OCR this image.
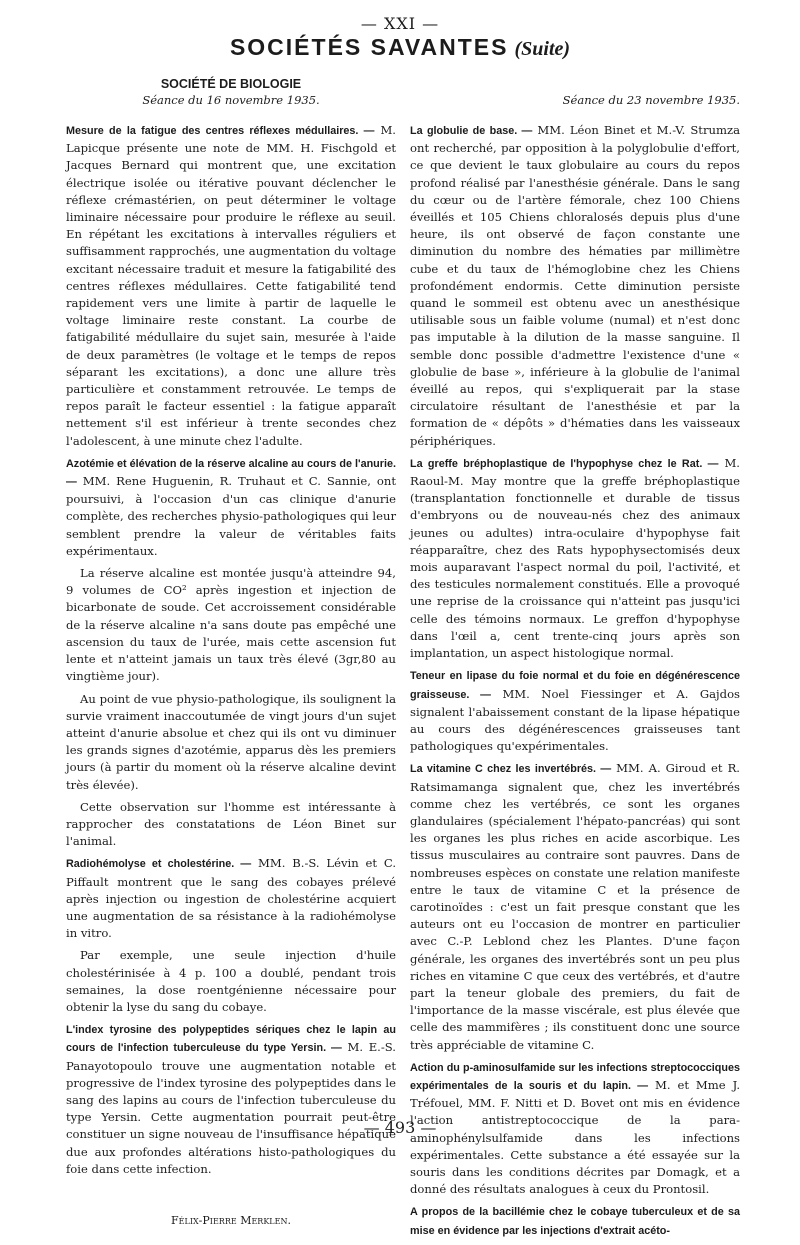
— XXI —
SOCIÉTÉS SAVANTES (Suite)
SOCIÉTÉ DE BIOLOGIE
Séance du 16 novembre 1935.

Mesure de la fatigue des centres réflexes médullaires. — M. Lapicque présente une note de MM. H. Fischgold et Jacques Bernard qui montrent que, une excitation électrique isolée ou itérative pouvant déclencher le réflexe crémastérien, on peut déterminer le voltage liminaire nécessaire pour produire le réflexe au seuil. En répétant les excitations à intervalles réguliers et suffisamment rapprochés, une augmentation du voltage excitant nécessaire traduit et mesure la fatigabilité des centres réflexes médullaires. Cette fatigabilité tend rapidement vers une limite à partir de laquelle le voltage liminaire reste constant. La courbe de fatigabilité médullaire du sujet sain, mesurée à l'aide de deux paramètres (le voltage et le temps de repos séparant les excitations), a donc une allure très particulière et constamment retrouvée. Le temps de repos paraît le facteur essentiel : la fatigue apparaît nettement s'il est inférieur à trente secondes chez l'adolescent, à une minute chez l'adulte.

Azotémie et élévation de la réserve alcaline au cours de l'anurie. — MM. Rene Huguenin, R. Truhaut et C. Sannie, ont poursuivi, à l'occasion d'un cas clinique d'anurie complète, des recherches physio-pathologiques qui leur semblent prendre la valeur de véritables faits expérimentaux.

La réserve alcaline est montée jusqu'à atteindre 94, 9 volumes de CO² après ingestion et injection de bicarbonate de soude. Cet accroissement considérable de la réserve alcaline n'a sans doute pas empêché une ascension du taux de l'urée, mais cette ascension fut lente et n'atteint jamais un taux très élevé (3gr,80 au vingtième jour).

Au point de vue physio-pathologique, ils soulignent la survie vraiment inaccoutumée de vingt jours d'un sujet atteint d'anurie absolue et chez qui ils ont vu diminuer les grands signes d'azotémie, apparus dès les premiers jours (à partir du moment où la réserve alcaline devint très élevée).

Cette observation sur l'homme est intéressante à rapprocher des constatations de Léon Binet sur l'animal.

Radiohémolyse et cholestérine. — MM. B.-S. Lévin et C. Piffault montrent que le sang des cobayes prélevé après injection ou ingestion de cholestérine acquiert une augmentation de sa résistance à la radiohémolyse in vitro.

Par exemple, une seule injection d'huile cholestérinisée à 4 p. 100 a doublé, pendant trois semaines, la dose roentgénienne nécessaire pour obtenir la lyse du sang du cobaye.

L'index tyrosine des polypeptides sériques chez le lapin au cours de l'infection tuberculeuse du type Yersin. — M. E.-S. Panayotopoulo trouve une augmentation notable et progressive de l'index tyrosine des polypeptides dans le sang des lapins au cours de l'infection tuberculeuse du type Yersin. Cette augmentation pourrait peut-être constituer un signe nouveau de l'insuffisance hépatique due aux profondes altérations histo-pathologiques du foie dans cette infection.

Félix-Pierre Merklen.

Séance du 23 novembre 1935.

La globulie de base. — MM. Léon Binet et M.-V. Strumza ont recherché, par opposition à la polyglobulie d'effort, ce que devient le taux globulaire au cours du repos profond réalisé par l'anesthésie générale. Dans le sang du cœur ou de l'artère fémorale, chez 100 Chiens éveillés et 105 Chiens chloralosés depuis plus d'une heure, ils ont observé de façon constante une diminution du nombre des hématies par millimètre cube et du taux de l'hémoglobine chez les Chiens profondément endormis. Cette diminution persiste quand le sommeil est obtenu avec un anesthésique utilisable sous un faible volume (numal) et n'est donc pas imputable à la dilution de la masse sanguine. Il semble donc possible d'admettre l'existence d'une « globulie de base », inférieure à la globulie de l'animal éveillé au repos, qui s'expliquerait par la stase circulatoire résultant de l'anesthésie et par la formation de « dépôts » d'hématies dans les vaisseaux périphériques.

La greffe bréphoplastique de l'hypophyse chez le Rat. — M. Raoul-M. May montre que la greffe bréphoplastique (transplantation fonctionnelle et durable de tissus d'embryons ou de nouveau-nés chez des animaux jeunes ou adultes) intra-oculaire d'hypophyse fait réapparaître, chez des Rats hypophysectomisés deux mois auparavant l'aspect normal du poil, l'activité, et des testicules normalement constitués. Elle a provoqué une reprise de la croissance qui n'atteint pas jusqu'ici celle des témoins normaux. Le greffon d'hypophyse dans l'œil a, cent trente-cinq jours après son implantation, un aspect histologique normal.

Teneur en lipase du foie normal et du foie en dégénérescence graisseuse. — MM. Noel Fiessinger et A. Gajdos signalent l'abaissement constant de la lipase hépatique au cours des dégénérescences graisseuses tant pathologiques qu'expérimentales.

La vitamine C chez les invertébrés. — MM. A. Giroud et R. Ratsimamanga signalent que, chez les invertébrés comme chez les vertébrés, ce sont les organes glandulaires (spécialement l'hépato-pancréas) qui sont les organes les plus riches en acide ascorbique. Les tissus musculaires au contraire sont pauvres. Dans de nombreuses espèces on constate une relation manifeste entre le taux de vitamine C et la présence de carotinoïdes : c'est un fait presque constant que les auteurs ont eu l'occasion de montrer en particulier avec C.-P. Leblond chez les Plantes. D'une façon générale, les organes des invertébrés sont un peu plus riches en vitamine C que ceux des vertébrés, et d'autre part la teneur globale des premiers, du fait de l'importance de la masse viscérale, est plus élevée que celle des mammifères ; ils constituent donc une source très appréciable de vitamine C.

Action du p-aminosulfamide sur les infections streptococciques expérimentales de la souris et du lapin. — M. et Mme J. Tréfouel, MM. F. Nitti et D. Bovet ont mis en évidence l'action antistreptococcique de la para-aminophénylsulfamide dans les infections expérimentales. Cette substance a été essayée sur la souris dans les conditions décrites par Domagk, et a donné des résultats analogues à ceux du Prontosil.

A propos de la bacillémie chez le cobaye tuberculeux et de sa mise en évidence par les injections d'extrait acéto-

— 493 —
